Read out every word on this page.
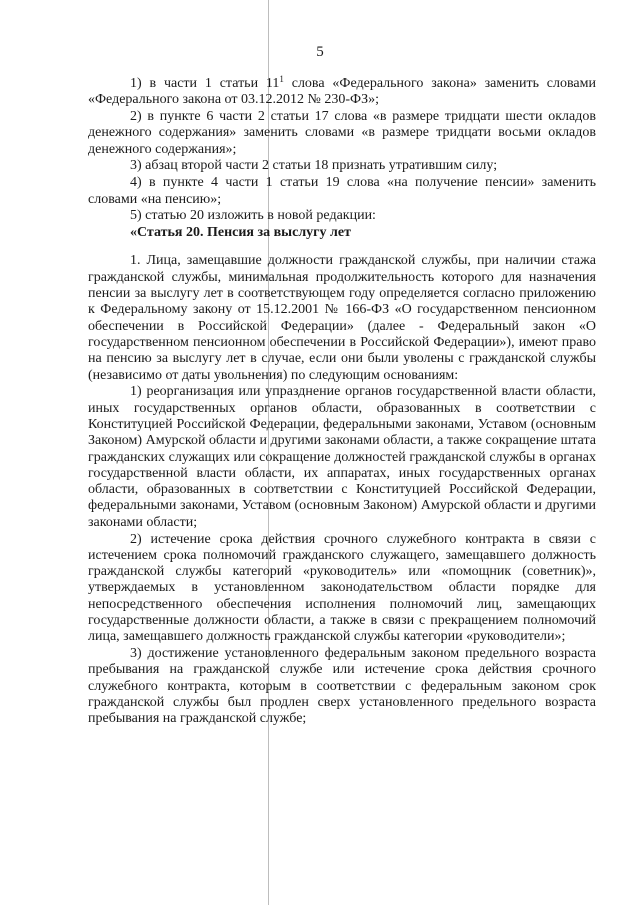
5

1) в части 1 статьи $11^1$ слова «Федерального закона» заменить словами «Федерального закона от 03.12.2012 № 230-ФЗ»;

2) в пункте 6 части 2 статьи 17 слова «в размере тридцати шести окладов денежного содержания» заменить словами «в размере тридцати восьми окладов денежного содержания»;

3) абзац второй части 2 статьи 18 признать утратившим силу;

4) в пункте 4 части 1 статьи 19 слова «на получение пенсии» заменить словами «на пенсию»;

5) статью 20 изложить в новой редакции:

«Статья 20. Пенсия за выслугу лет

1. Лица, замещавшие должности гражданской службы, при наличии стажа гражданской службы, минимальная продолжительность которого для назначения пенсии за выслугу лет в соответствующем году определяется согласно приложению к Федеральному закону от 15.12.2001 № 166-ФЗ «О государственном пенсионном обеспечении в Российской Федерации» (далее - Федеральный закон «О государственном пенсионном обеспечении в Российской Федерации»), имеют право на пенсию за выслугу лет в случае, если они были уволены с гражданской службы (независимо от даты увольнения) по следующим основаниям:

1) реорганизация или упразднение органов государственной власти области, иных государственных органов области, образованных в соответствии с Конституцией Российской Федерации, федеральными законами, Уставом (основным Законом) Амурской области и другими законами области, а также сокращение штата гражданских служащих или сокращение должностей гражданской службы в органах государственной власти области, их аппаратах, иных государственных органах области, образованных в соответствии с Конституцией Российской Федерации, федеральными законами, Уставом (основным Законом) Амурской области и другими законами области;

2) истечение срока действия срочного служебного контракта в связи с истечением срока полномочий гражданского служащего, замещавшего должность гражданской службы категорий «руководитель» или «помощник (советник)», утверждаемых в установленном законодательством области порядке для непосредственного обеспечения исполнения полномочий лиц, замещающих государственные должности области, а также в связи с прекращением полномочий лица, замещавшего должность гражданской службы категории «руководители»;

3) достижение установленного федеральным законом предельного возраста пребывания на гражданской службе или истечение срока действия срочного служебного контракта, которым в соответствии с федеральным законом срок гражданской службы был продлен сверх установленного предельного возраста пребывания на гражданской службе;
